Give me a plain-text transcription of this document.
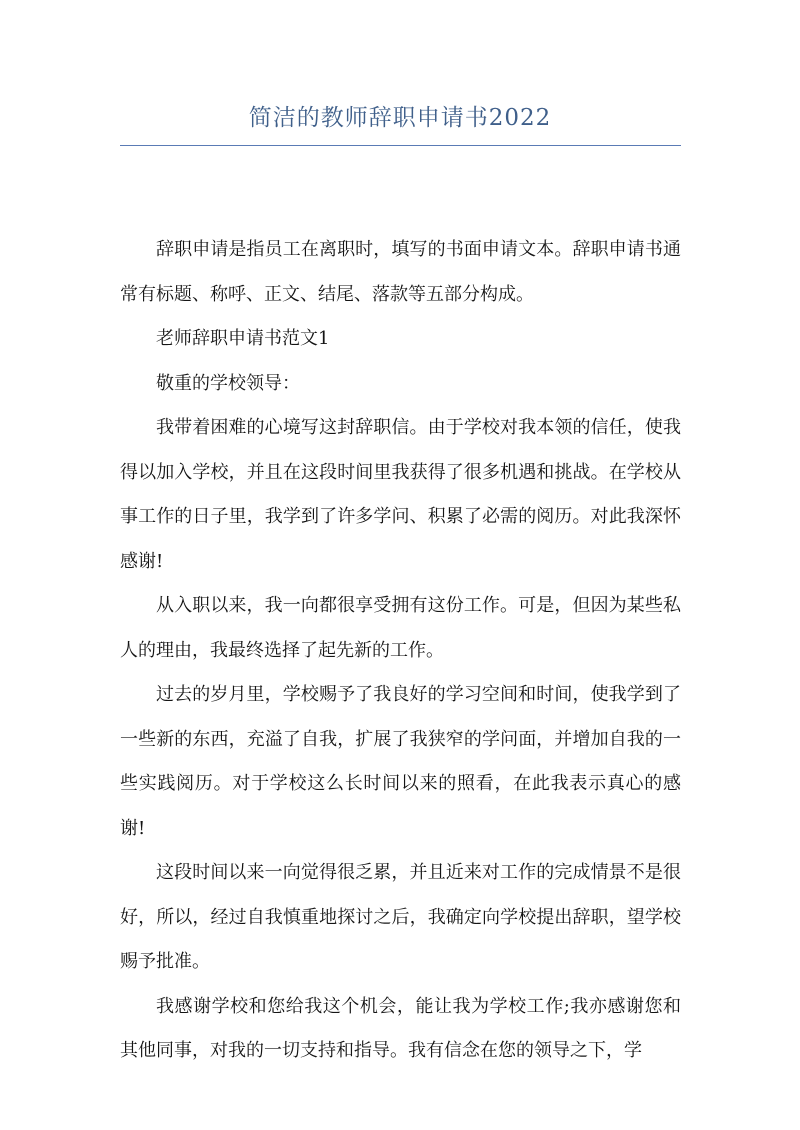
简洁的教师辞职申请书2022

辞职申请是指员工在离职时，填写的书面申请文本。辞职申请书通常有标题、称呼、正文、结尾、落款等五部分构成。

老师辞职申请书范文1

敬重的学校领导：

我带着困难的心境写这封辞职信。由于学校对我本领的信任，使我得以加入学校，并且在这段时间里我获得了很多机遇和挑战。在学校从事工作的日子里，我学到了许多学问、积累了必需的阅历。对此我深怀感谢!

从入职以来，我一向都很享受拥有这份工作。可是，但因为某些私人的理由，我最终选择了起先新的工作。

过去的岁月里，学校赐予了我良好的学习空间和时间，使我学到了一些新的东西，充溢了自我，扩展了我狭窄的学问面，并增加自我的一些实践阅历。对于学校这么长时间以来的照看，在此我表示真心的感谢!

这段时间以来一向觉得很乏累，并且近来对工作的完成情景不是很好，所以，经过自我慎重地探讨之后，我确定向学校提出辞职，望学校赐予批准。

我感谢学校和您给我这个机会，能让我为学校工作;我亦感谢您和其他同事，对我的一切支持和指导。我有信念在您的领导之下，学
